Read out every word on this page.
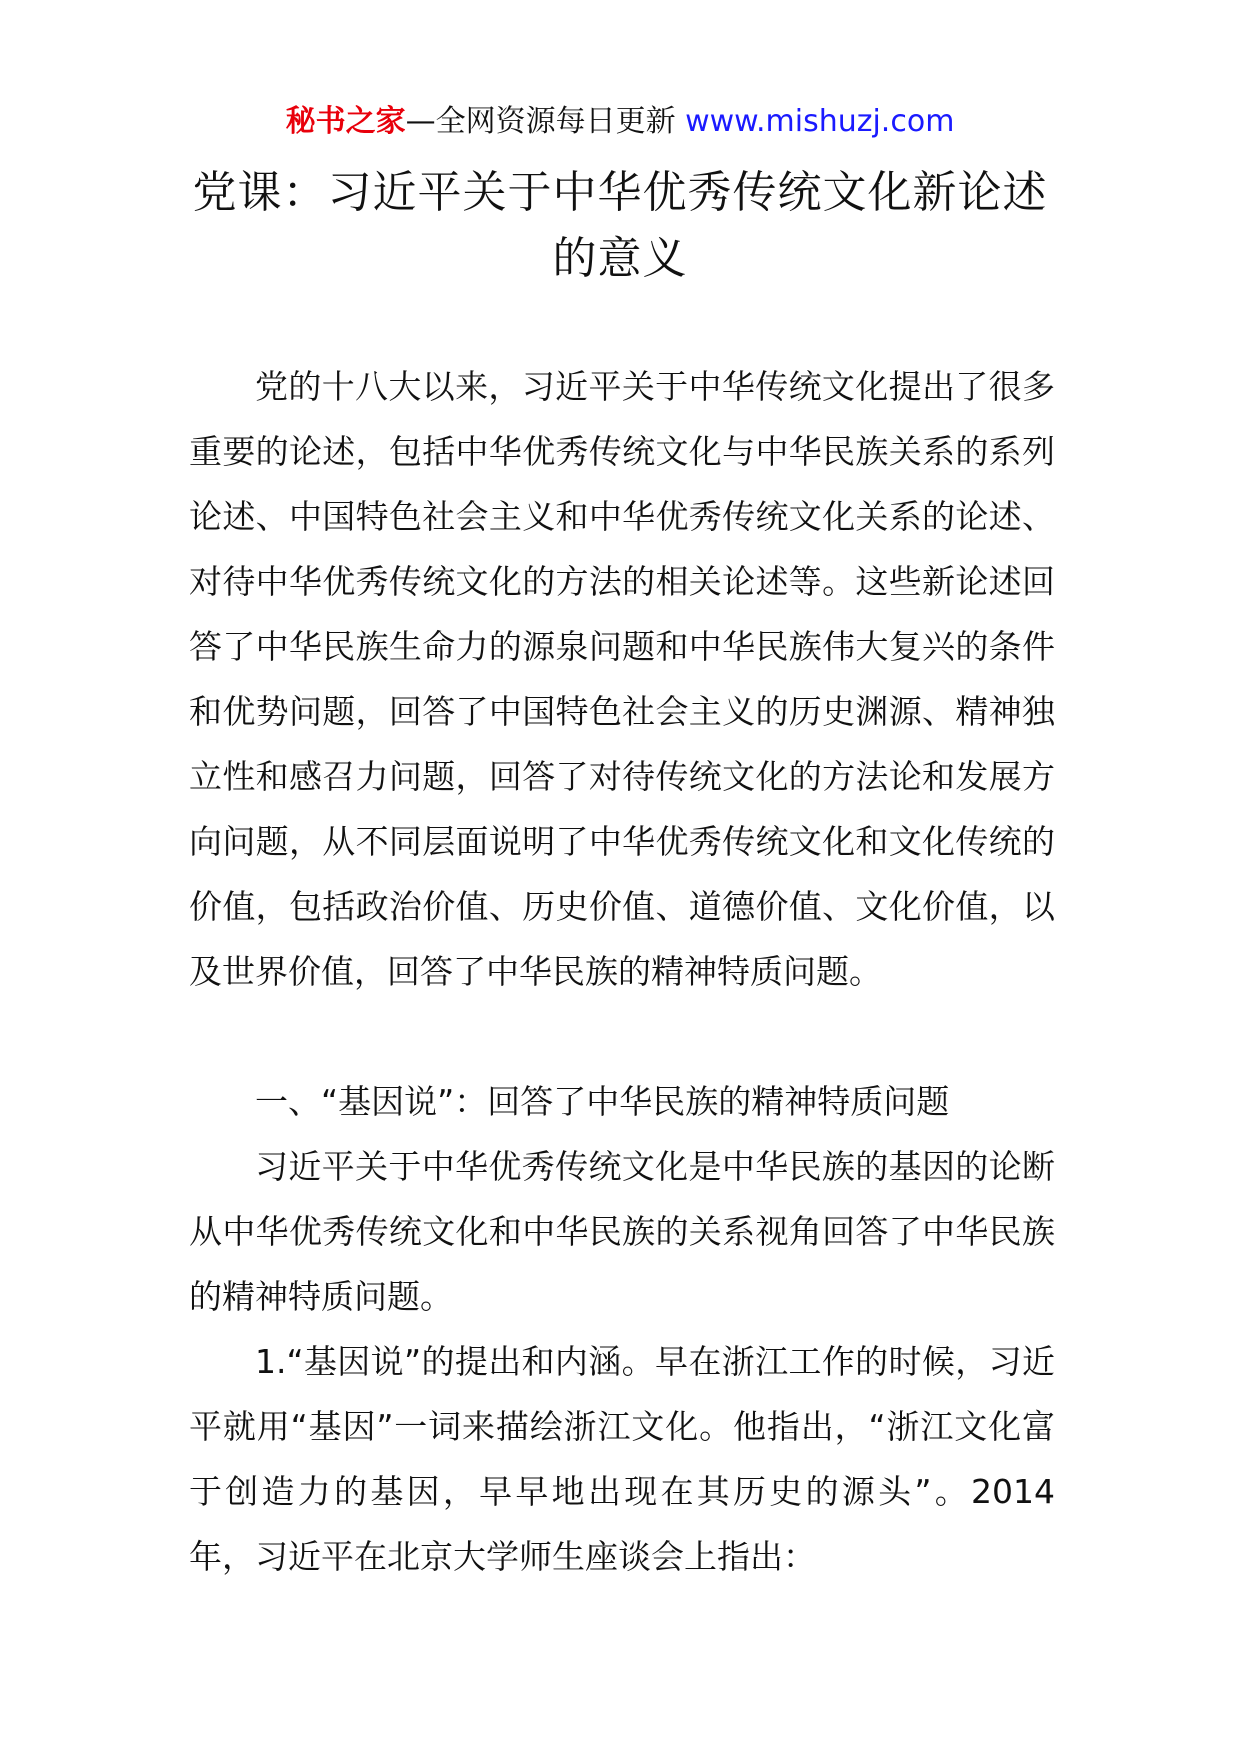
秘书之家—全网资源每日更新 www.mishuzj.com
党课：习近平关于中华优秀传统文化新论述的意义

党的十八大以来，习近平关于中华传统文化提出了很多重要的论述，包括中华优秀传统文化与中华民族关系的系列论述、中国特色社会主义和中华优秀传统文化关系的论述、对待中华优秀传统文化的方法的相关论述等。这些新论述回答了中华民族生命力的源泉问题和中华民族伟大复兴的条件和优势问题，回答了中国特色社会主义的历史渊源、精神独立性和感召力问题，回答了对待传统文化的方法论和发展方向问题，从不同层面说明了中华优秀传统文化和文化传统的价值，包括政治价值、历史价值、道德价值、文化价值，以及世界价值，回答了中华民族的精神特质问题。

一、“基因说”：回答了中华民族的精神特质问题

习近平关于中华优秀传统文化是中华民族的基因的论断从中华优秀传统文化和中华民族的关系视角回答了中华民族的精神特质问题。

1.“基因说”的提出和内涵。早在浙江工作的时候，习近平就用“基因”一词来描绘浙江文化。他指出，“浙江文化富于创造力的基因，早早地出现在其历史的源头”。2014 年，习近平在北京大学师生座谈会上指出：
